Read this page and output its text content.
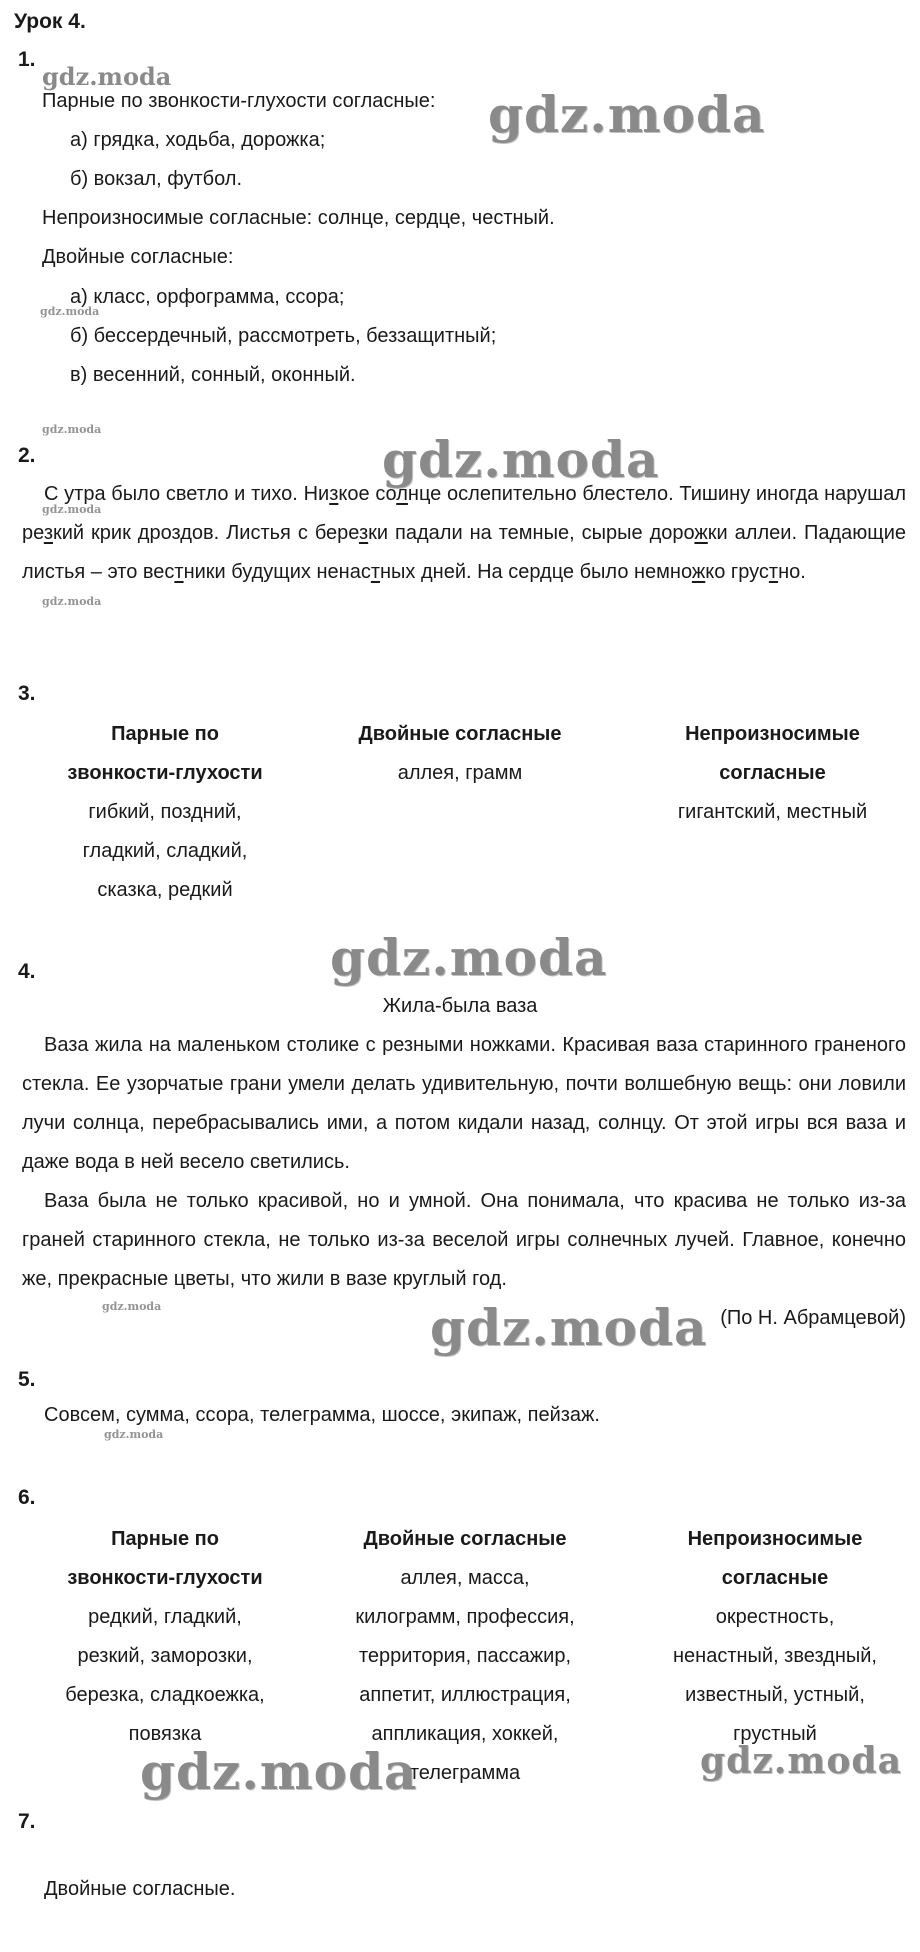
Урок 4.
1.
Парные по звонкости-глухости согласные:
а) грядка, ходьба, дорожка;
б) вокзал, футбол.
Непроизносимые согласные: солнце, сердце, честный.
Двойные согласные:
а) класс, орфограмма, ссора;
б) бессердечный, рассмотреть, беззащитный;
в) весенний, сонный, оконный.
2.

С утра было светло и тихо. Низкое солнце ослепительно блестело. Тишину иногда нарушал резкий крик дроздов. Листья с березки падали на темные, сырые дорожки аллеи. Падающие листья – это вестники будущих ненастных дней. На сердце было немножко грустно.

3.
Парные по
звонкости-глухости
гибкий, поздний,
гладкий, сладкий,
сказка, редкий
Двойные согласные
аллея, грамм
Непроизносимые
согласные
гигантский, местный
4.
Жила-была ваза

Ваза жила на маленьком столике с резными ножками. Красивая ваза старинного граненого стекла. Ее узорчатые грани умели делать удивительную, почти волшебную вещь: они ловили лучи солнца, перебрасывались ими, а потом кидали назад, солнцу. От этой игры вся ваза и даже вода в ней весело светились.

Ваза была не только красивой, но и умной. Она понимала, что красива не только из-за граней старинного стекла, не только из-за веселой игры солнечных лучей. Главное, конечно же, прекрасные цветы, что жили в вазе круглый год.

(По Н. Абрамцевой)

5.
Совсем, сумма, ссора, телеграмма, шоссе, экипаж, пейзаж.
6.
Парные по
звонкости-глухости
редкий, гладкий,
резкий, заморозки,
березка, сладкоежка,
повязка
Двойные согласные
аллея, масса,
килограмм, профессия,
территория, пассажир,
аппетит, иллюстрация,
аппликация, хоккей,
телеграмма
Непроизносимые
согласные
окрестность,
ненастный, звездный,
известный, устный,
грустный
7.
Двойные согласные.
gdz.moda
gdz.moda
gdz.moda
gdz.moda
gdz.moda
gdz.moda
gdz.moda
gdz.moda
gdz.moda	gdz.moda
gdz.moda
gdz.moda	gdz.moda
